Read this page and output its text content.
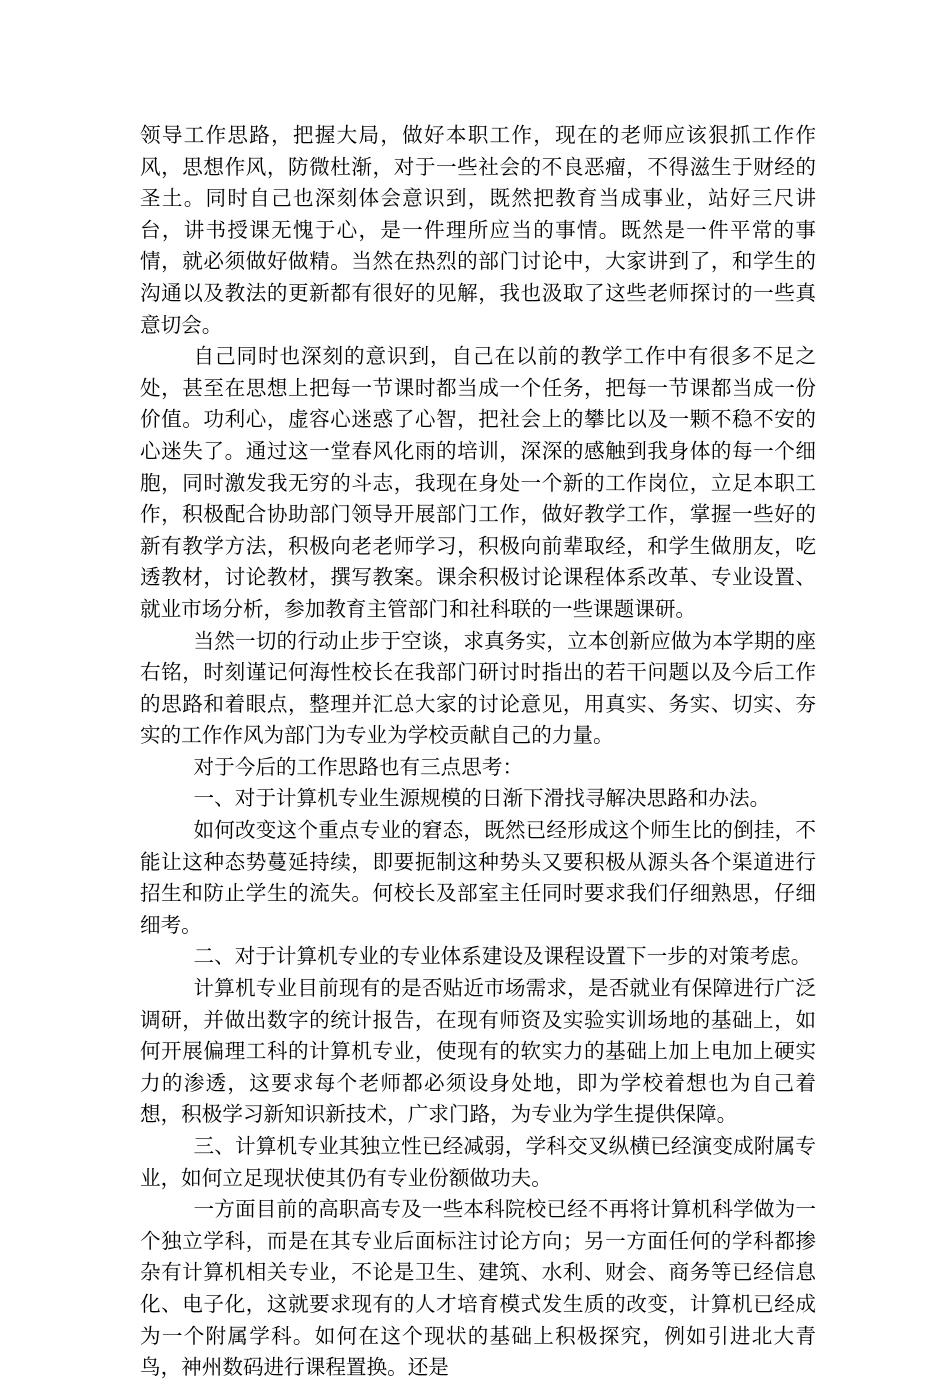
领导工作思路，把握大局，做好本职工作，现在的老师应该狠抓工作作风，思想作风，防微杜渐，对于一些社会的不良恶瘤，不得滋生于财经的圣土。同时自己也深刻体会意识到，既然把教育当成事业，站好三尺讲台，讲书授课无愧于心，是一件理所应当的事情。既然是一件平常的事情，就必须做好做精。当然在热烈的部门讨论中，大家讲到了，和学生的沟通以及教法的更新都有很好的见解，我也汲取了这些老师探讨的一些真意切会。

自己同时也深刻的意识到，自己在以前的教学工作中有很多不足之处，甚至在思想上把每一节课时都当成一个任务，把每一节课都当成一份价值。功利心，虚容心迷惑了心智，把社会上的攀比以及一颗不稳不安的心迷失了。通过这一堂春风化雨的培训，深深的感触到我身体的每一个细胞，同时激发我无穷的斗志，我现在身处一个新的工作岗位，立足本职工作，积极配合协助部门领导开展部门工作，做好教学工作，掌握一些好的新有教学方法，积极向老老师学习，积极向前辈取经，和学生做朋友，吃透教材，讨论教材，撰写教案。课余积极讨论课程体系改革、专业设置、就业市场分析，参加教育主管部门和社科联的一些课题课研。

当然一切的行动止步于空谈，求真务实，立本创新应做为本学期的座右铭，时刻谨记何海性校长在我部门研讨时指出的若干问题以及今后工作的思路和着眼点，整理并汇总大家的讨论意见，用真实、务实、切实、夯实的工作作风为部门为专业为学校贡献自己的力量。

对于今后的工作思路也有三点思考：

一、对于计算机专业生源规模的日渐下滑找寻解决思路和办法。

如何改变这个重点专业的窘态，既然已经形成这个师生比的倒挂，不能让这种态势蔓延持续，即要扼制这种势头又要积极从源头各个渠道进行招生和防止学生的流失。何校长及部室主任同时要求我们仔细熟思，仔细细考。

二、对于计算机专业的专业体系建设及课程设置下一步的对策考虑。

计算机专业目前现有的是否贴近市场需求，是否就业有保障进行广泛调研，并做出数字的统计报告，在现有师资及实验实训场地的基础上，如何开展偏理工科的计算机专业，使现有的软实力的基础上加上电加上硬实力的渗透，这要求每个老师都必须设身处地，即为学校着想也为自己着想，积极学习新知识新技术，广求门路，为专业为学生提供保障。

三、计算机专业其独立性已经减弱，学科交叉纵横已经演变成附属专业，如何立足现状使其仍有专业份额做功夫。

一方面目前的高职高专及一些本科院校已经不再将计算机科学做为一个独立学科，而是在其专业后面标注讨论方向；另一方面任何的学科都掺杂有计算机相关专业，不论是卫生、建筑、水利、财会、商务等已经信息化、电子化，这就要求现有的人才培育模式发生质的改变，计算机已经成为一个附属学科。如何在这个现状的基础上积极探究，例如引进北大青鸟，神州数码进行课程置换。还是
